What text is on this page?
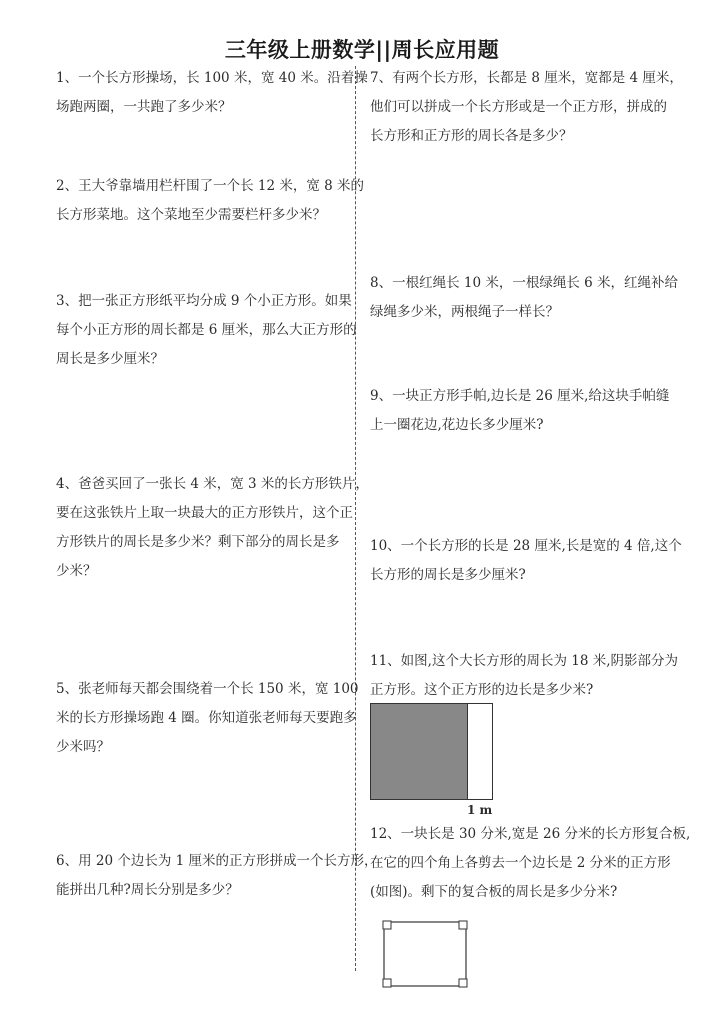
三年级上册数学||周长应用题
1、一个长方形操场，长 100 米，宽 40 米。沿着操
场跑两圈，一共跑了多少米？
2、王大爷靠墙用栏杆围了一个长 12 米，宽 8 米的
长方形菜地。这个菜地至少需要栏杆多少米？
3、把一张正方形纸平均分成 9 个小正方形。如果
每个小正方形的周长都是 6 厘米，那么大正方形的
周长是多少厘米？
4、爸爸买回了一张长 4 米，宽 3 米的长方形铁片，
要在这张铁片上取一块最大的正方形铁片，这个正
方形铁片的周长是多少米？剩下部分的周长是多
少米？
5、张老师每天都会围绕着一个长 150 米，宽 100
米的长方形操场跑 4 圈。你知道张老师每天要跑多
少米吗？
6、用 20 个边长为 1 厘米的正方形拼成一个长方形，
能拼出几种?周长分别是多少？
7、有两个长方形，长都是 8 厘米，宽都是 4 厘米，
他们可以拼成一个长方形或是一个正方形，拼成的
长方形和正方形的周长各是多少？
8、一根红绳长 10 米，一根绿绳长 6 米，红绳补给
绿绳多少米，两根绳子一样长？
9、一块正方形手帕,边长是 26 厘米,给这块手帕缝
上一圈花边,花边长多少厘米?
10、一个长方形的长是 28 厘米,长是宽的 4 倍,这个
长方形的周长是多少厘米?
11、如图,这个大长方形的周长为 18 米,阴影部分为
正方形。这个正方形的边长是多少米?
12、一块长是 30 分米,宽是 26 分米的长方形复合板,
在它的四个角上各剪去一个边长是 2 分米的正方形
(如图)。剩下的复合板的周长是多少分米?
1 m
